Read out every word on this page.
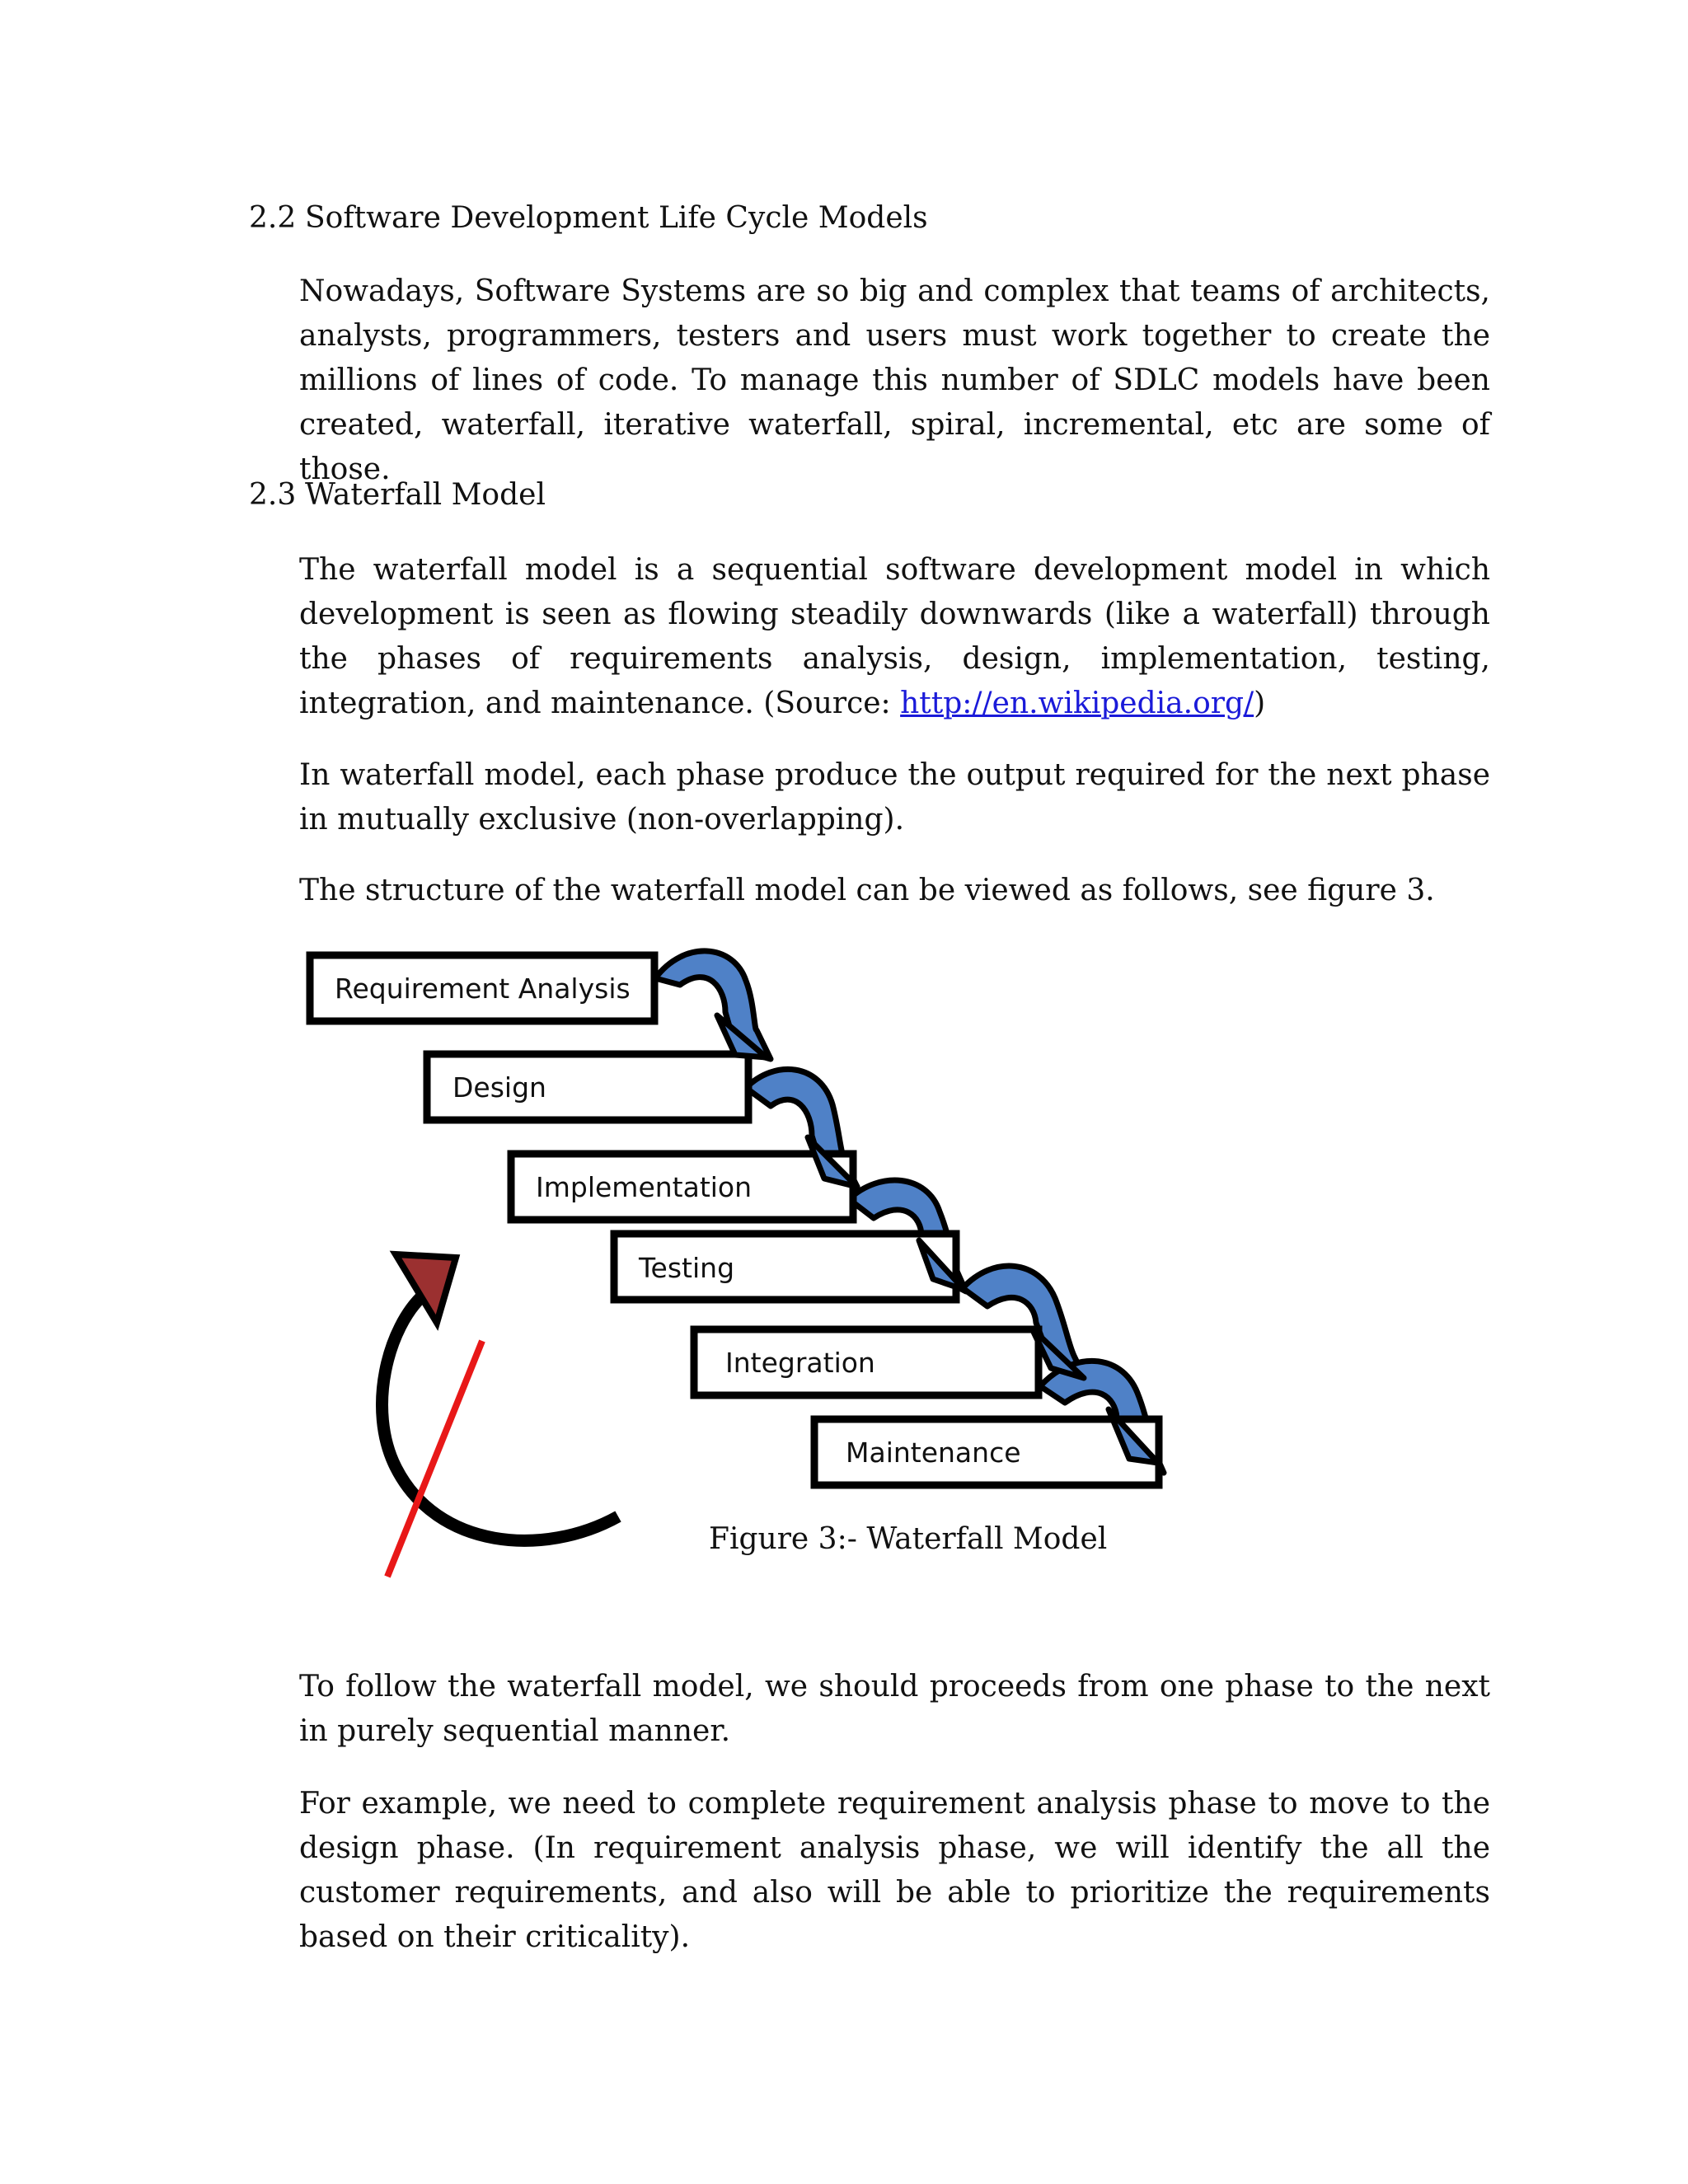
2.2 Software Development Life Cycle Models

Nowadays, Software Systems are so big and complex that teams of architects, analysts, programmers, testers and users must work together to create the millions of lines of code. To manage this number of SDLC models have been created, waterfall, iterative waterfall, spiral, incremental, etc are some of those.

2.3 Waterfall Model

The waterfall model is a sequential software development model in which development is seen as flowing steadily downwards (like a waterfall) through the phases of requirements analysis, design, implementation, testing, integration, and maintenance. (Source: http://en.wikipedia.org/)

In waterfall model, each phase produce the output required for the next phase in mutually exclusive (non-overlapping).

The structure of the waterfall model can be viewed as follows, see figure 3.

Requirement Analysis
Design
Implementation
Testing
Integration
Maintenance

Figure 3:- Waterfall Model

To follow the waterfall model, we should proceeds from one phase to the next in purely sequential manner.

For example, we need to complete requirement analysis phase to move to the design phase. (In requirement analysis phase, we will identify the all the customer requirements, and also will be able to prioritize the requirements based on their criticality).
